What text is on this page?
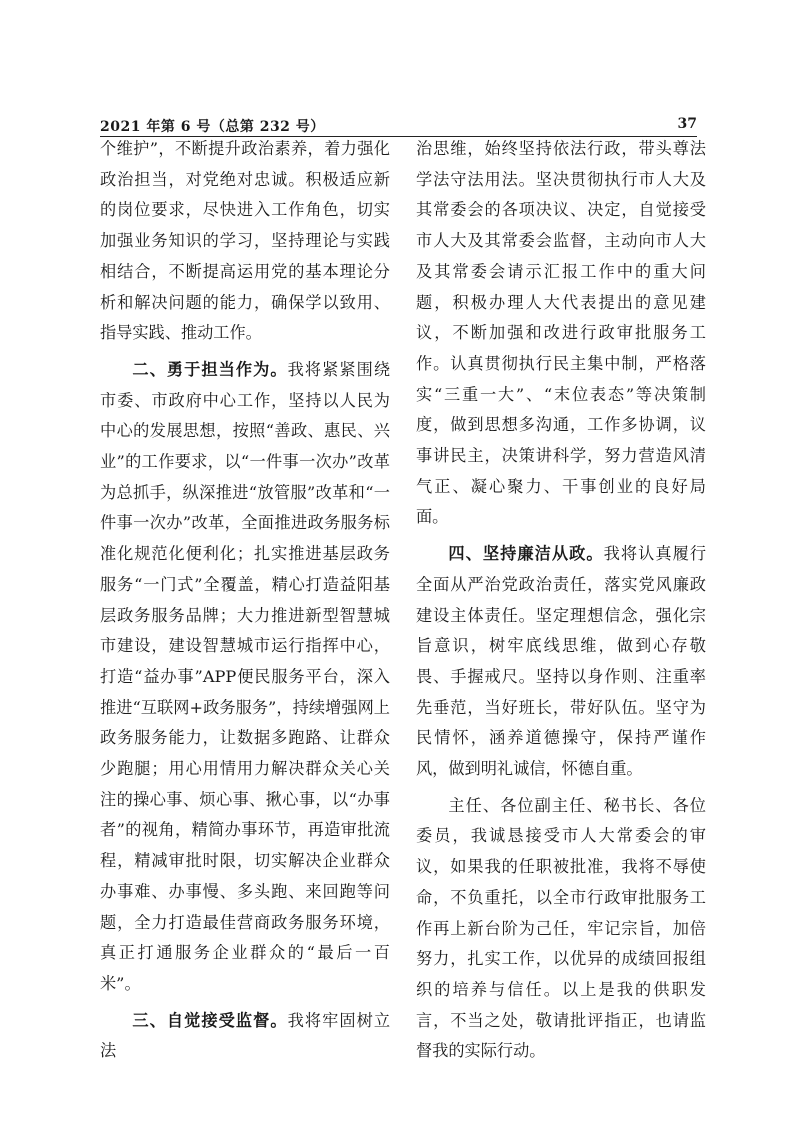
2021 年第 6 号（总第 232 号）	37

个维护”，不断提升政治素养，着力强化政治担当，对党绝对忠诚。积极适应新的岗位要求，尽快进入工作角色，切实加强业务知识的学习，坚持理论与实践相结合，不断提高运用党的基本理论分析和解决问题的能力，确保学以致用、指导实践、推动工作。

二、勇于担当作为。我将紧紧围绕市委、市政府中心工作，坚持以人民为中心的发展思想，按照“善政、惠民、兴业”的工作要求，以“一件事一次办”改革为总抓手，纵深推进“放管服”改革和“一件事一次办”改革，全面推进政务服务标准化规范化便利化；扎实推进基层政务服务“一门式”全覆盖，精心打造益阳基层政务服务品牌；大力推进新型智慧城市建设，建设智慧城市运行指挥中心，打造“益办事”APP便民服务平台，深入推进“互联网+政务服务”，持续增强网上政务服务能力，让数据多跑路、让群众少跑腿；用心用情用力解决群众关心关注的操心事、烦心事、揪心事，以“办事者”的视角，精简办事环节，再造审批流程，精减审批时限，切实解决企业群众办事难、办事慢、多头跑、来回跑等问题，全力打造最佳营商政务服务环境，真正打通服务企业群众的“最后一百米”。

三、自觉接受监督。我将牢固树立法

治思维，始终坚持依法行政，带头尊法学法守法用法。坚决贯彻执行市人大及其常委会的各项决议、决定，自觉接受市人大及其常委会监督，主动向市人大及其常委会请示汇报工作中的重大问题，积极办理人大代表提出的意见建议，不断加强和改进行政审批服务工作。认真贯彻执行民主集中制，严格落实“三重一大”、“末位表态”等决策制度，做到思想多沟通，工作多协调，议事讲民主，决策讲科学，努力营造风清气正、凝心聚力、干事创业的良好局面。

四、坚持廉洁从政。我将认真履行全面从严治党政治责任，落实党风廉政建设主体责任。坚定理想信念，强化宗旨意识，树牢底线思维，做到心存敬畏、手握戒尺。坚持以身作则、注重率先垂范，当好班长，带好队伍。坚守为民情怀，涵养道德操守，保持严谨作风，做到明礼诚信，怀德自重。

主任、各位副主任、秘书长、各位委员，我诚恳接受市人大常委会的审议，如果我的任职被批准，我将不辱使命，不负重托，以全市行政审批服务工作再上新台阶为己任，牢记宗旨，加倍努力，扎实工作，以优异的成绩回报组织的培养与信任。以上是我的供职发言，不当之处，敬请批评指正，也请监督我的实际行动。
